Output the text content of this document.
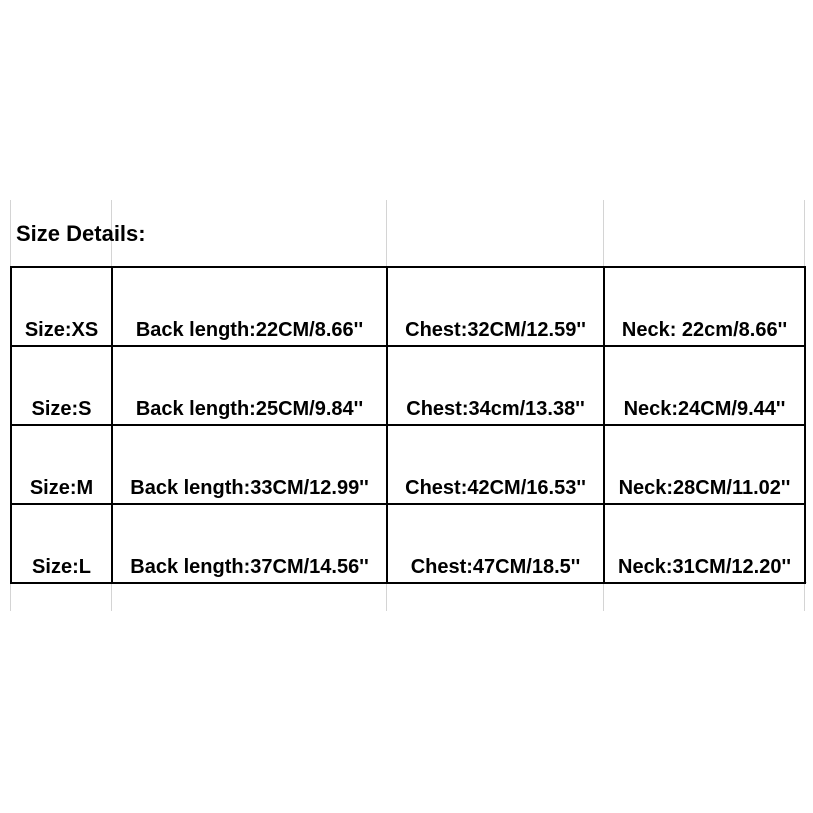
Size Details:
Size:XS	Back length:22CM/8.66''	Chest:32CM/12.59''	Neck: 22cm/8.66''
Size:S	Back length:25CM/9.84''	Chest:34cm/13.38''	Neck:24CM/9.44''
Size:M	Back length:33CM/12.99''	Chest:42CM/16.53''	Neck:28CM/11.02''
Size:L	Back length:37CM/14.56''	Chest:47CM/18.5''	Neck:31CM/12.20''
